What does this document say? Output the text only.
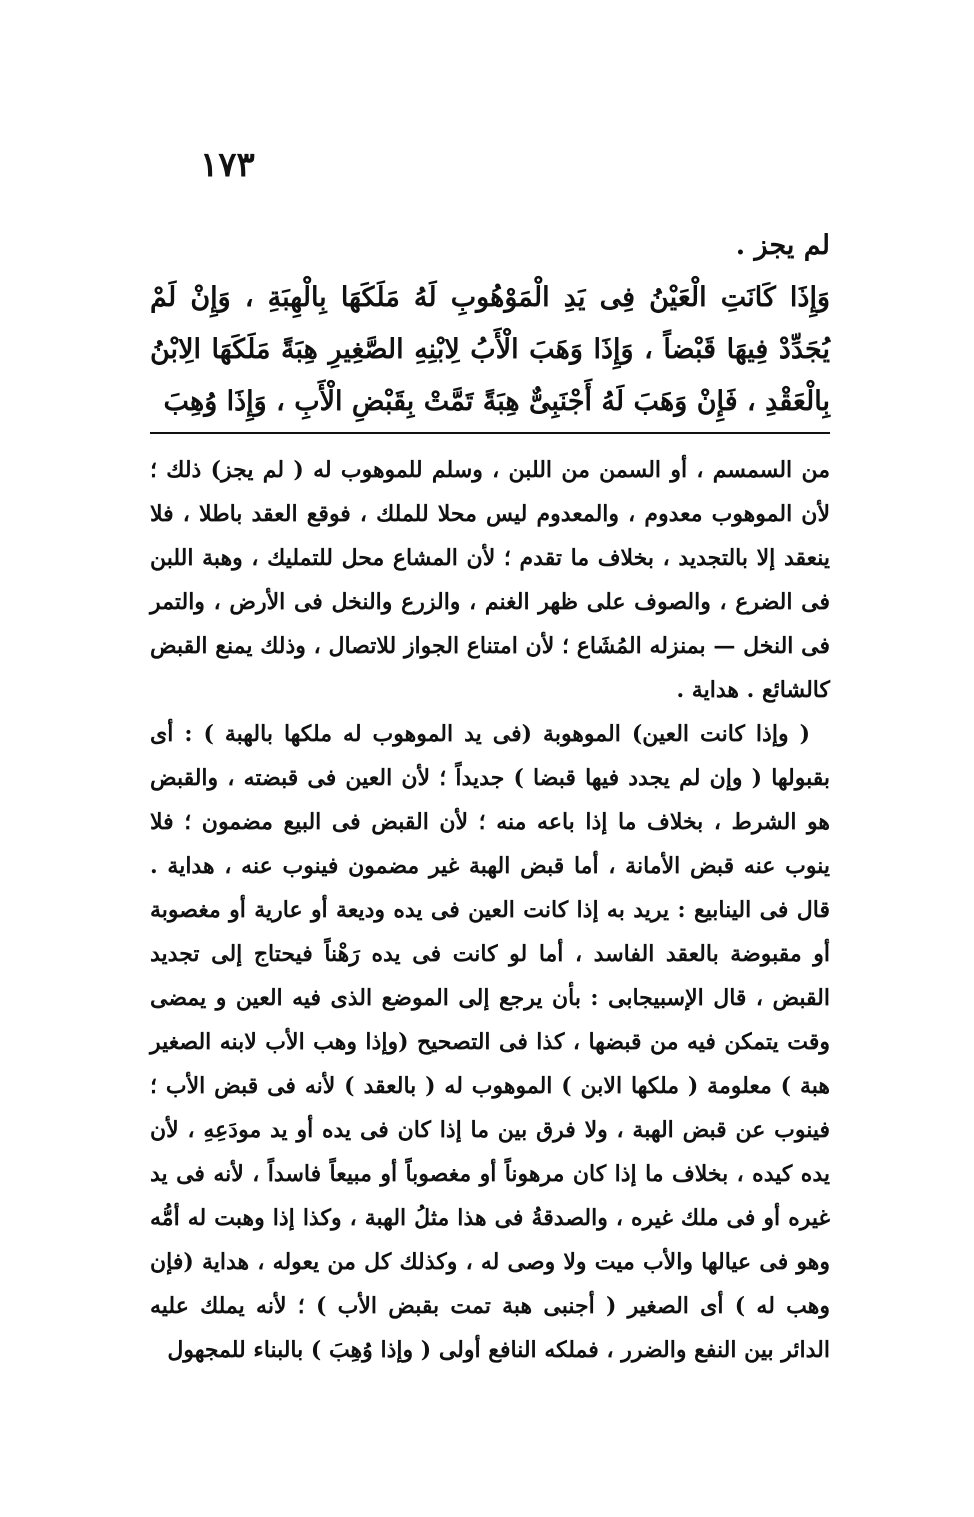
١٧٣

لم يجز .

وَإِذَا كَانَتِ الْعَيْنُ فِى يَدِ الْمَوْهُوبِ لَهُ مَلَكَهَا بِالْهِبَةِ ، وَإِنْ لَمْ يُجَدِّدْ فِيهَا قَبْضاً ، وَإِذَا وَهَبَ الْأَبُ لِابْنِهِ الصَّغِيرِ هِبَةً مَلَكَهَا الِابْنُ بِالْعَقْدِ ، فَإِنْ وَهَبَ لَهُ أَجْنَبِىٌّ هِبَةً تَمَّتْ بِقَبْضِ الْأَبِ ، وَإِذَا وُهِبَ

من السمسم ، أو السمن من اللبن ، وسلم للموهوب له ( لم يجز) ذلك ؛ لأن الموهوب معدوم ، والمعدوم ليس محلا للملك ، فوقع العقد باطلا ، فلا ينعقد إلا بالتجديد ، بخلاف ما تقدم ؛ لأن المشاع محل للتمليك ، وهبة اللبن فى الضرع ، والصوف على ظهر الغنم ، والزرع والنخل فى الأرض ، والتمر فى النخل — بمنزله المُشَاع ؛ لأن امتناع الجواز للاتصال ، وذلك يمنع القبض كالشائع . هداية .

( وإذا كانت العين) الموهوبة (فى يد الموهوب له ملكها بالهبة ) : أى بقبولها ( وإن لم يجدد فيها قبضا ) جديداً ؛ لأن العين فى قبضته ، والقبض هو الشرط ، بخلاف ما إذا باعه منه ؛ لأن القبض فى البيع مضمون ؛ فلا ينوب عنه قبض الأمانة ، أما قبض الهبة غير مضمون فينوب عنه ، هداية . قال فى الينابيع : يريد به إذا كانت العين فى يده وديعة أو عارية أو مغصوبة أو مقبوضة بالعقد الفاسد ، أما لو كانت فى يده رَهْناً فيحتاج إلى تجديد القبض ، قال الإسبيجابى : بأن يرجع إلى الموضع الذى فيه العين و يمضى وقت يتمكن فيه من قبضها ، كذا فى التصحيح (وإذا وهب الأب لابنه الصغير هبة ) معلومة ( ملكها الابن ) الموهوب له ( بالعقد ) لأنه فى قبض الأب ؛ فينوب عن قبض الهبة ، ولا فرق بين ما إذا كان فى يده أو يد مودَعِهِ ، لأن يده كيده ، بخلاف ما إذا كان مرهوناً أو مغصوباً أو مبيعاً فاسداً ، لأنه فى يد غيره أو فى ملك غيره ، والصدقةُ فى هذا مثلُ الهبة ، وكذا إذا وهبت له أمُّه وهو فى عيالها والأب ميت ولا وصى له ، وكذلك كل من يعوله ، هداية (فإن وهب له ) أى الصغير ( أجنبى هبة تمت بقبض الأب ) ؛ لأنه يملك عليه الدائر بين النفع والضرر ، فملكه النافع أولى ( وإذا وُهِبَ ) بالبناء للمجهول
